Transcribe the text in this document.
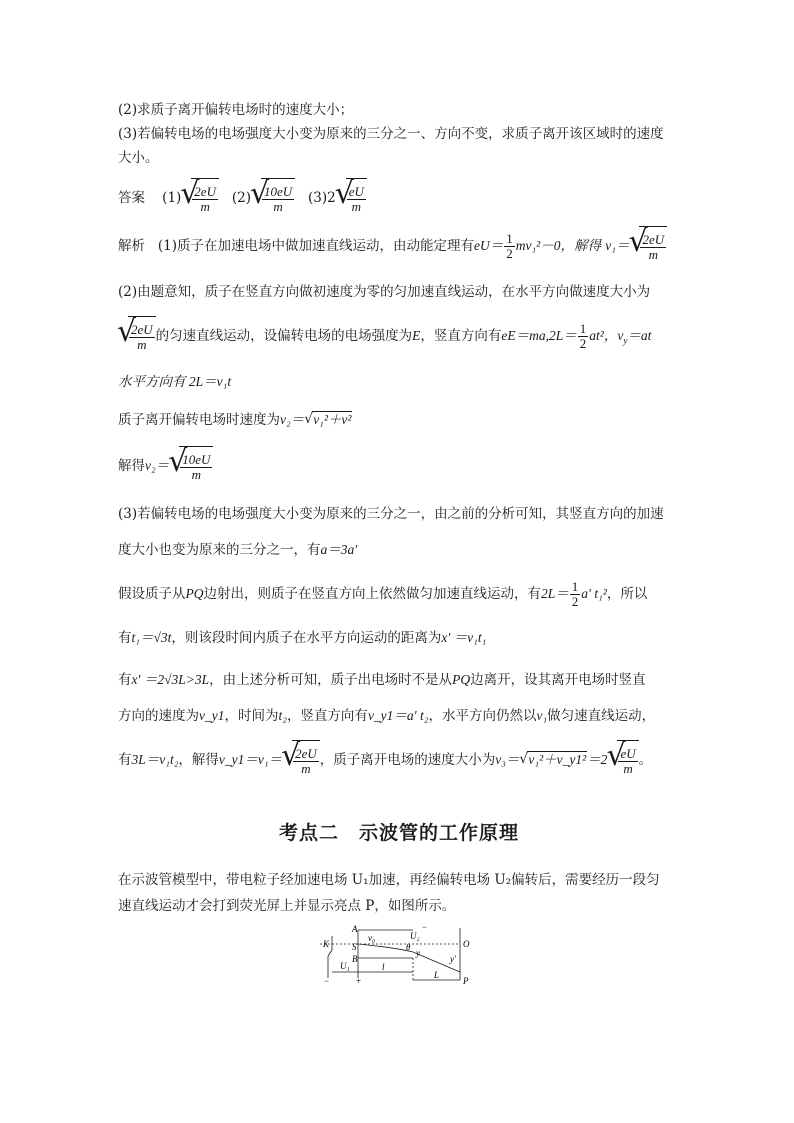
(2)求质子离开偏转电场时的速度大小；
(3)若偏转电场的电场强度大小变为原来的三分之一、方向不变，求质子离开该区域时的速度
大小。
答案 (1) √ $\frac{2eU}{m} (2)$ √ $\frac{10eU}{m} (3)2$ √ $\frac{eU}{m}$
解析 (1)质子在加速电场中做加速直线运动，由动能定理有$eU= \frac{1}{2} mv_1^2-0$，解得 v₁＝ √ $\frac{2eU}{m}$
(2)由题意知，质子在竖直方向做初速度为零的匀加速直线运动，在水平方向做速度大小为
√ $\frac{2eU}{m}$ 的匀速直线运动，设偏转电场的电场强度为E，竖直方向有$eE=ma,2L= \frac{1}{2} at^2$，$v_y=at$
水平方向有 2L＝v₁t
质子离开偏转电场时速度为v₂＝ √ v₁²＋v²
解得v₂＝ √ $\frac{10eU}{m}$
(3)若偏转电场的电场强度大小变为原来的三分之一，由之前的分析可知，其竖直方向的加速
度大小也变为原来的三分之一，有a＝3a′
假设质子从PQ边射出，则质子在竖直方向上依然做匀加速直线运动，有$2L= \frac{1}{2} a'$ t₁²，所以
有t₁＝√3t，则该段时间内质子在水平方向运动的距离为x′ ＝v₁t₁
有x′ ＝2√3L>3L，由上述分析可知，质子出电场时不是从PQ边离开，设其离开电场时竖直
方向的速度为v_y1，时间为t₂，竖直方向有v_y1＝a′ t₂，水平方向仍然以v₁做匀速直线运动，
有3L＝v₁t₂，解得v_y1＝v₁＝ √ $\frac{2eU}{m}$ ，质子离开电场的速度大小为v₃＝ √ v₁²＋v_y1²＝2 √ $\frac{eU}{m}$ 。
考点二　示波管的工作原理
在示波管模型中，带电粒子经加速电场 U₁加速，再经偏转电场 U₂偏转后，需要经历一段匀
速直线运动才会打到荧光屏上并显示亮点 P，如图所示。
A
B
K	S	O
P
v₀	U₂
U₁	l
L
θ
y
y′
−	+
−
